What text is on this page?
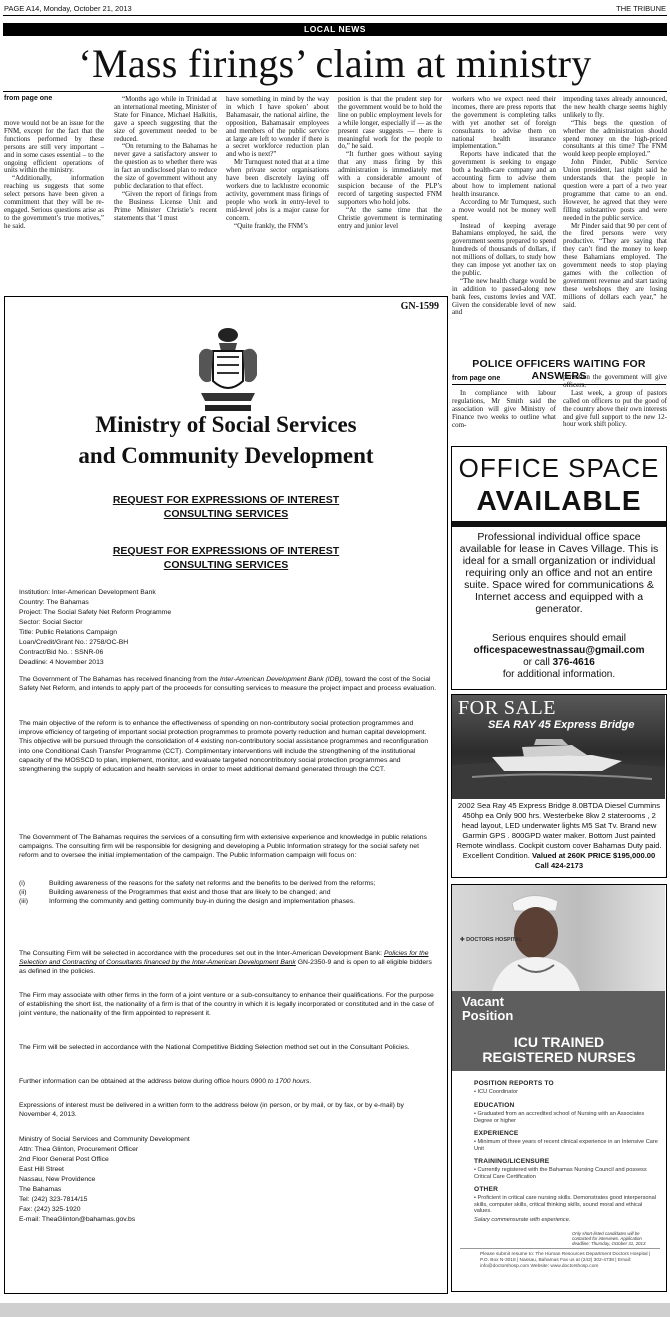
PAGE A14, Monday, October 21, 2013	THE TRIBUNE
LOCAL NEWS
‘Mass firings’ claim at ministry
from page one

move would not be an issue for the FNM, except for the fact that the functions performed by these persons are still very important – and in some cases essential – to the ongoing efficient operations of units within the ministry.

“Additionally, information reaching us suggests that some select persons have been given a commitment that they will be re-engaged. Serious questions arise as to the government’s true motives,” he said.

“Months ago while in Trinidad at an international meeting, Minister of State for Finance, Michael Halkitis, gave a speech suggesting that the size of government needed to be reduced.

“On returning to the Bahamas he never gave a satisfactory answer to the question as to whether there was in fact an undisclosed plan to reduce the size of government without any public declaration to that effect.

“Given the report of firings from the Business License Unit and Prime Minister Christie’s recent statements that ‘I must

have something in mind by the way in which I have spoken’ about Bahamasair, the national airline, the opposition, Bahamasair employees and members of the public service at large are left to wonder if there is a secret workforce reduction plan and who is next?”

Mr Turnquest noted that at a time when private sector organisations have been discretely laying off workers due to lacklustre economic activity, government mass firings of people who work in entry-level to mid-level jobs is a major cause for concern.

“Quite frankly, the FNM’s

position is that the prudent step for the government would be to hold the line on public employment levels for a while longer, especially if — as the present case suggests — there is meaningful work for the people to do,” he said.

“It further goes without saying that any mass firing by this administration is immediately met with a considerable amount of suspicion because of the PLP’s record of targeting suspected FNM supporters who hold jobs.

“At the same time that the Christie government is terminating entry and junior level

workers who we expect need their incomes, there are press reports that the government is completing talks with yet another set of foreign consultants to advise them on national health insurance implementation.”

Reports have indicated that the government is seeking to engage both a health-care company and an accounting firm to advise them about how to implement national health insurance.

According to Mr Turnquest, such a move would not be money well spent.

Instead of keeping average Bahamians employed, he said, the government seems prepared to spend hundreds of thousands of dollars, if not millions of dollars, to study how they can impose yet another tax on the public.

“The new health charge would be in addition to passed-along new bank fees, customs levies and VAT. Given the considerable level of new and

impending taxes already announced, the new health charge seems highly unlikely to fly.

“This begs the question of whether the administration should spend money on the high-priced consultants at this time? The FNM would keep people employed.”

John Pinder, Public Service Union president, last night said he understands that the people in question were a part of a two year programme that came to an end. However, he agreed that they were filling substantive posts and were needed in the public service.

Mr Pinder said that 90 per cent of the fired persons were very productive. “They are saying that they can’t find the money to keep these Bahamians employed. The government needs to stop playing games with the collection of government revenue and start taxing these webshops they are losing millions of dollars each year,” he said.

POLICE OFFICERS WAITING FOR ANSWERS
from page one

In compliance with labour regulations, Mr Smith said the association will give Ministry of Finance two weeks to outline what com-

pensation the government will give officers.

Last week, a group of pastors called on officers to put the good of the country above their own interests and give full support to the new 12-hour work shift policy.

GN-1599
Ministry of Social Services
and Community Development
REQUEST FOR EXPRESSIONS OF INTEREST
CONSULTING SERVICES
REQUEST FOR EXPRESSIONS OF INTEREST
CONSULTING SERVICES
Institution: Inter-American Development Bank
Country: The Bahamas
Project: The Social Safety Net Reform Programme
Sector: Social Sector
Title: Public Relations Campaign
Loan/Credit/Grant No.: 2758/OC-BH
Contract/Bid No. : SSNR-06
Deadline: 4 November 2013
The Government of The Bahamas has received financing from the Inter-American Development Bank (IDB), toward the cost of the Social Safety Net Reform, and intends to apply part of the proceeds for consulting services to measure the project impact and process evaluation.
The main objective of the reform is to enhance the effectiveness of spending on non-contributory social protection programmes and improve efficiency of targeting of important social protection programmes to promote poverty reduction and human capital development. This objective will be pursued through the consolidation of 4 existing non-contributory social assistance programmes and reconfiguration into one Conditional Cash Transfer Programme (CCT). Complimentary interventions will include the strengthening of the institutional capacity of the MOSSCD to plan, implement, monitor, and evaluate targeted noncontributory social protection programmes and strengthening the supply of education and health services in order to meet additional demand generated through the CCT.
The Government of The Bahamas requires the services of a consulting firm with extensive experience and knowledge in public relations campaigns. The consulting firm will be responsible for designing and developing a Public Information strategy for the social safety net reform and to oversee the initial implementation of the campaign. The Public Information campaign will focus on:
(i)	Building awareness of the reasons for the safety net reforms and the benefits to be derived from the reforms;
(ii)	Building awareness of the Programmes that exist and those that are likely to be changed; and
(iii)	Informing the community and getting community buy-in during the design and implementation phases.
The Consulting Firm will be selected in accordance with the procedures set out in the Inter-American Development Bank: Policies for the Selection and Contracting of Consultants financed by the Inter-American Development Bank GN-2350-9 and is open to all eligible bidders as defined in the policies.
The Firm may associate with other firms in the form of a joint venture or a sub-consultancy to enhance their qualifications. For the purpose of establishing the short list, the nationality of a firm is that of the country in which it is legally incorporated or constituted and in the case of joint venture, the nationality of the firm appointed to represent it.
The Firm will be selected in accordance with the National Competitive Bidding Selection method set out in the Consultant Policies.
Further information can be obtained at the address below during office hours 0900 to 1700 hours.
Expressions of interest must be delivered in a written form to the address below (in person, or by mail, or by fax, or by e-mail) by November 4, 2013.
Ministry of Social Services and Community Development
Attn: Thea Glinton, Procurement Officer
2nd Floor General Post Office
East Hill Street
Nassau, New Providence
The Bahamas
Tel: (242) 323-7814/15
Fax: (242) 325-1920
E-mail: TheaGlinton@bahamas.gov.bs
OFFICE SPACE
AVAILABLE
Professional individual office space available for lease in Caves Village. This is ideal for a small organization or individual requiring only an office and not an entire suite. Space wired for communications & Internet access and equipped with a generator.
Serious enquires should email
officespacewestnassau@gmail.com
or call 376-4616
for additional information.
FOR SALE
SEA RAY 45 Express Bridge
2002 Sea Ray 45 Express Bridge 8.0BTDA Diesel Cummins 450hp ea Only 900 hrs. Westerbeke 8kw 2 staterooms , 2 head layout, LED underwater lights M5 Sat Tv. Brand new Garmin GPS . 800GPD water maker. Bottom Just painted Remote windlass. Cockpit custom cover Bahamas Duty paid. Excellent Condition. Valued at 260K PRICE $195,000.00
Call 424-2173
✚ DOCTORS HOSPITAL
Vacant
Position
ICU TRAINED
REGISTERED NURSES
POSITION REPORTS TO
• ICU Coordinator
EDUCATION
• Graduated from an accredited school of Nursing with an Associates Degree or higher
EXPERIENCE
• Minimum of three years of recent clinical experience in an Intensive Care Unit
TRAINING/LICENSURE
• Currently registered with the Bahamas Nursing Council and possess Critical Care Certification
OTHER
• Proficient in critical care nursing skills. Demonstrates good interpersonal skills, computer skills, critical thinking skills, sound moral and ethical values.
Salary commensurate with experience.
Only short-listed candidates will be contacted for interviews. Application deadline: Thursday, October 31, 2013
Please submit resume to: The Human Resources Department Doctors Hospital | P.O. Box N-3018 | Nassau, Bahamas Fax us at (242) 302-4738 | Email: info@doctorshosp.com Website: www.doctorshosp.com
